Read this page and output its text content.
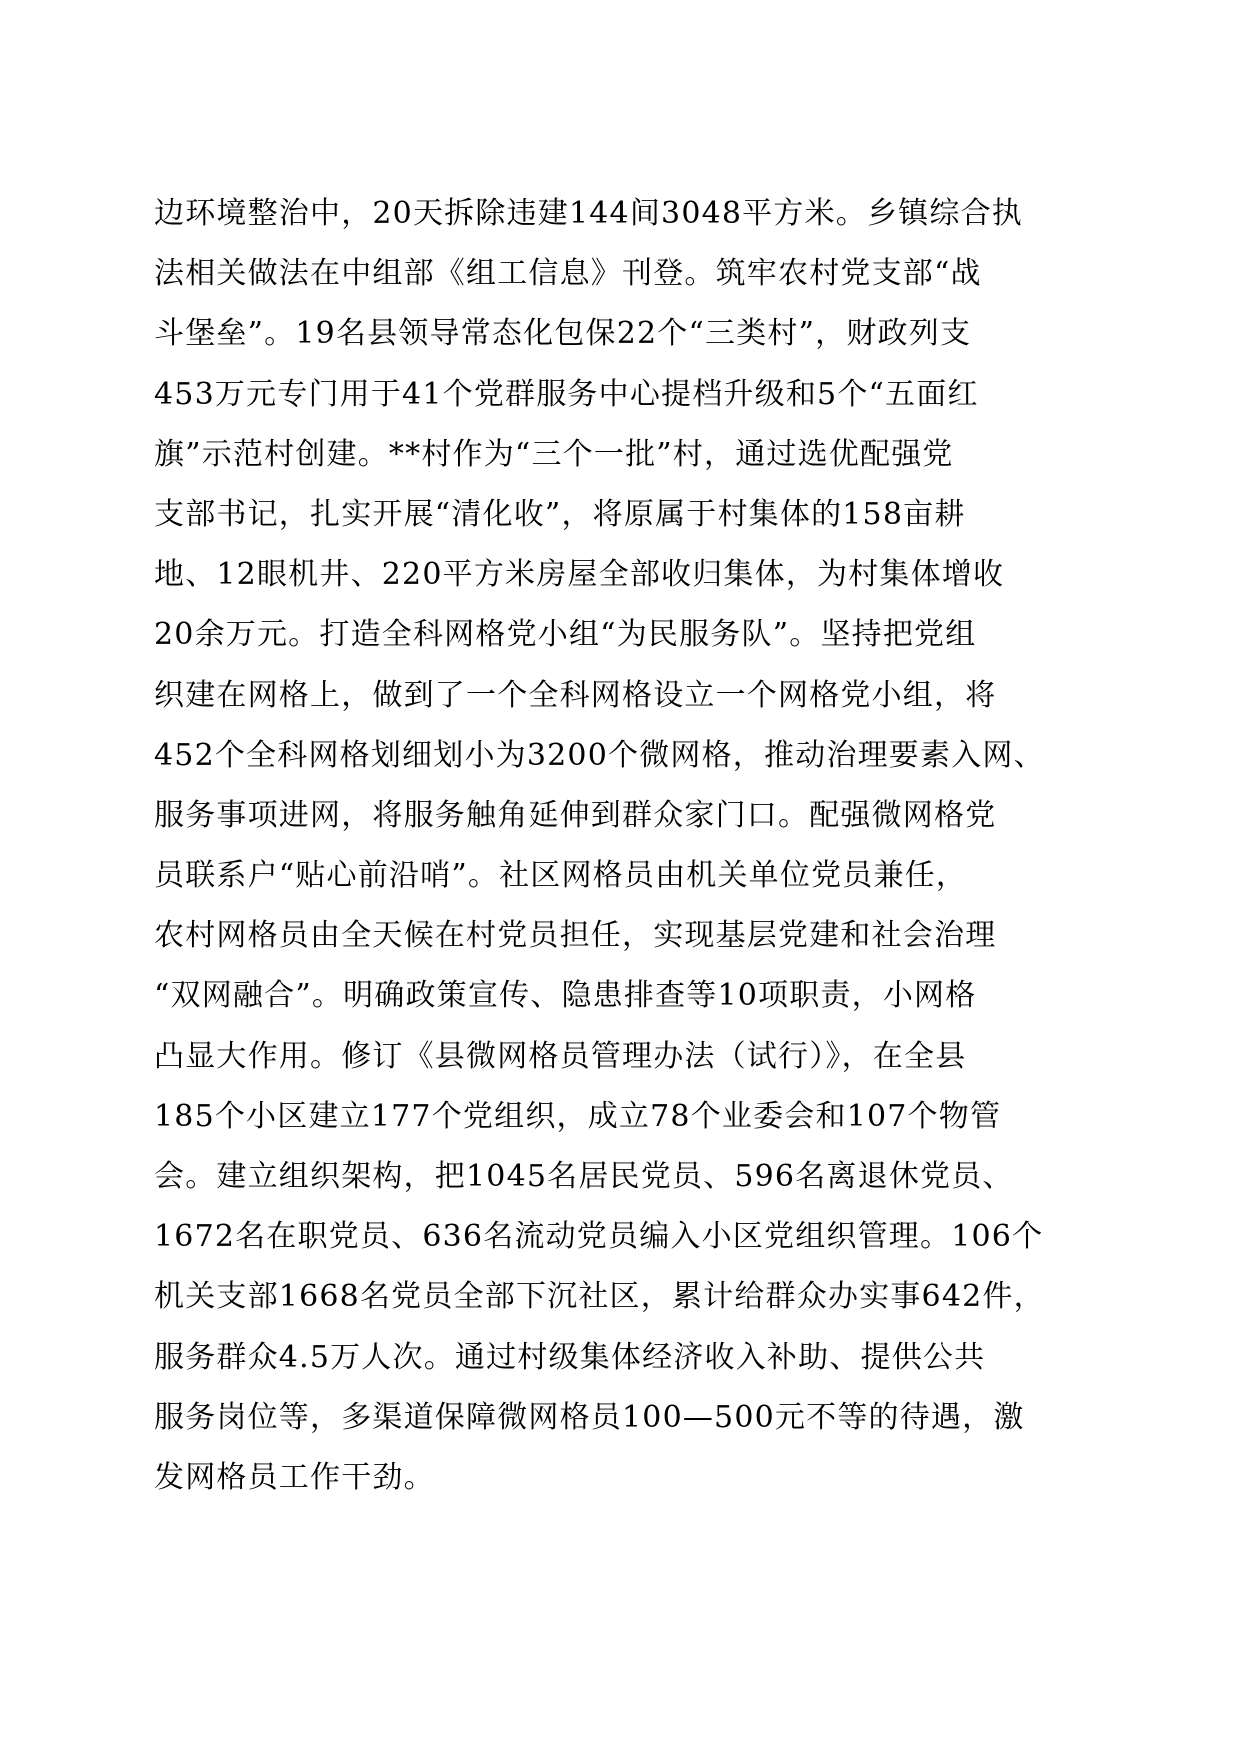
边环境整治中，20天拆除违建144间3048平方米。乡镇综合执
法相关做法在中组部《组工信息》刊登。筑牢农村党支部“战
斗堡垒”。19名县领导常态化包保22个“三类村”，财政列支
453万元专门用于41个党群服务中心提档升级和5个“五面红
旗”示范村创建。**村作为“三个一批”村，通过选优配强党
支部书记，扎实开展“清化收”，将原属于村集体的158亩耕
地、12眼机井、220平方米房屋全部收归集体，为村集体增收
20余万元。打造全科网格党小组“为民服务队”。坚持把党组
织建在网格上，做到了一个全科网格设立一个网格党小组，将
452个全科网格划细划小为3200个微网格，推动治理要素入网、
服务事项进网，将服务触角延伸到群众家门口。配强微网格党
员联系户“贴心前沿哨”。社区网格员由机关单位党员兼任，
农村网格员由全天候在村党员担任，实现基层党建和社会治理
“双网融合”。明确政策宣传、隐患排查等10项职责，小网格
凸显大作用。修订《县微网格员管理办法（试行）》，在全县
185个小区建立177个党组织，成立78个业委会和107个物管
会。建立组织架构，把1045名居民党员、596名离退休党员、
1672名在职党员、636名流动党员编入小区党组织管理。106个
机关支部1668名党员全部下沉社区，累计给群众办实事642件，
服务群众4.5万人次。通过村级集体经济收入补助、提供公共
服务岗位等，多渠道保障微网格员100—500元不等的待遇，激
发网格员工作干劲。
